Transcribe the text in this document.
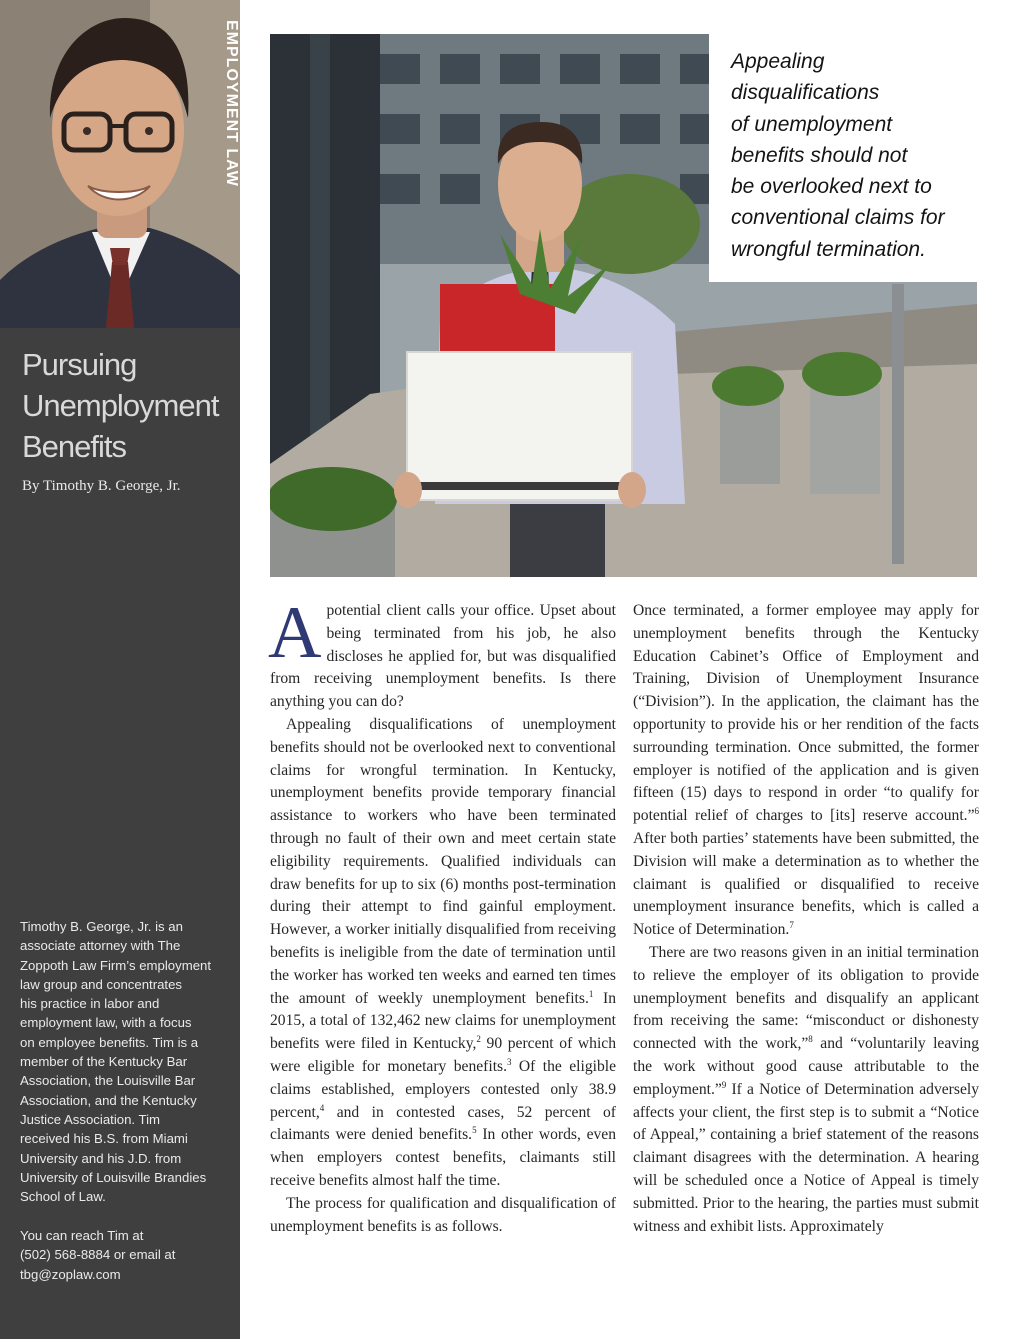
EMPLOYMENT LAW
Pursuing
Unemployment
Benefits
By Timothy B. George, Jr.
Timothy B. George, Jr. is an
associate attorney with The
Zoppoth Law Firm’s employment
law group and concentrates
his practice in labor and
employment law, with a focus
on employee benefits. Tim is a
member of the Kentucky Bar
Association, the Louisville Bar
Association, and the Kentucky
Justice Association. Tim
received his B.S. from Miami
University and his J.D. from
University of Louisville Brandies
School of Law.
You can reach Tim at
(502) 568-8884 or email at
tbg@zoplaw.com
Appealing
disqualifications
of unemployment
benefits should not
be overlooked next to
conventional claims for
wrongful termination.

Apotential client calls your office. Upset about being terminated from his job, he also discloses he applied for, but was disqualified from receiving unemployment benefits. Is there anything you can do?

Appealing disqualifications of unemployment benefits should not be overlooked next to conventional claims for wrongful termination. In Kentucky, unemployment benefits provide temporary financial assistance to workers who have been terminated through no fault of their own and meet certain state eligibility requirements. Qualified individuals can draw benefits for up to six (6) months post-termination during their attempt to find gainful employment. However, a worker initially disqualified from receiving benefits is ineligible from the date of termination until the worker has worked ten weeks and earned ten times the amount of weekly unemployment benefits.$^1$ In 2015, a total of 132,462 new claims for unemployment benefits were filed in Kentucky,$^2$ 90 percent of which were eligible for monetary benefits.$^3$ Of the eligible claims established, employers contested only 38.9 percent,$^4$ and in contested cases, 52 percent of claimants were denied benefits.$^5$ In other words, even when employers contest benefits, claimants still receive benefits almost half the time.

The process for qualification and disqualification of unemployment benefits is as follows.

Once terminated, a former employee may apply for unemployment benefits through the Kentucky Education Cabinet’s Office of Employment and Training, Division of Unemployment Insurance (“Division”). In the application, the claimant has the opportunity to provide his or her rendition of the facts surrounding termination. Once submitted, the former employer is notified of the application and is given fifteen (15) days to respond in order “to qualify for potential relief of charges to [its] reserve account.”$^6$ After both parties’ statements have been submitted, the Division will make a determination as to whether the claimant is qualified or disqualified to receive unemployment insurance benefits, which is called a Notice of Determination.$^7$

There are two reasons given in an initial termination to relieve the employer of its obligation to provide unemployment benefits and disqualify an applicant from receiving the same: “misconduct or dishonesty connected with the work,”$^8$ and “voluntarily leaving the work without good cause attributable to the employment.”$^9$ If a Notice of Determination adversely affects your client, the first step is to submit a “Notice of Appeal,” containing a brief statement of the reasons claimant disagrees with the determination. A hearing will be scheduled once a Notice of Appeal is timely submitted. Prior to the hearing, the parties must submit witness and exhibit lists. Approximately
